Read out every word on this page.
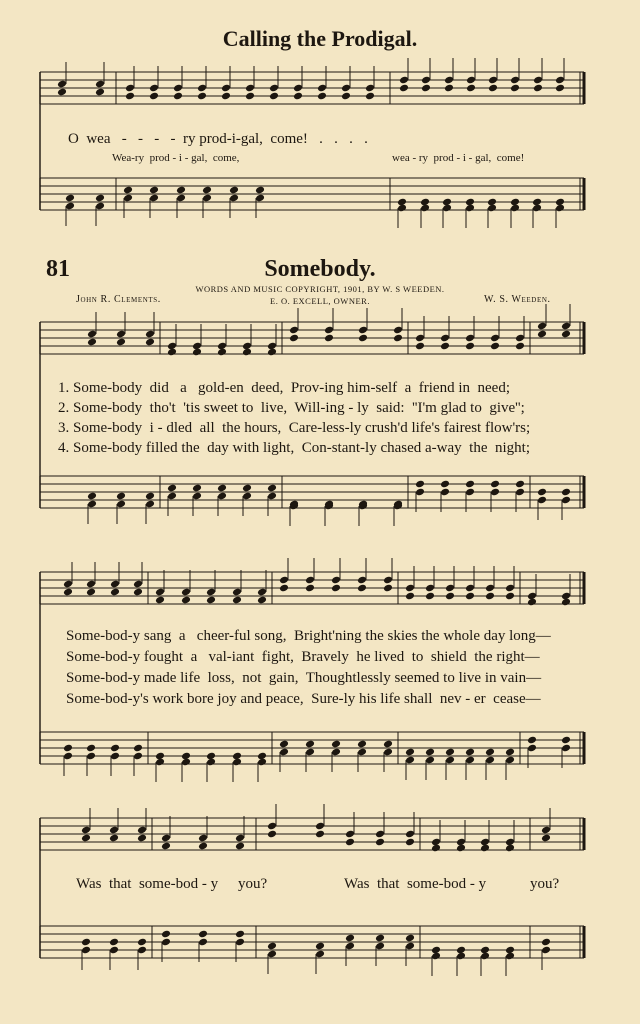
Calling the Prodigal.
O  wea   -   -   -   -  ry prod-i-gal,  come!   .   .   .   .
Wea-ry  prod - i - gal,  come,	wea - ry  prod - i - gal,  come!
81	Somebody.
WORDS AND MUSIC COPYRIGHT, 1901, BY W. S WEEDEN.
E. O. EXCELL, OWNER.
John R. Clements.	W. S. Weeden.
1. Some-body  did   a   gold-en  deed,  Prov-ing him-self  a  friend in  need;
2. Some-body  tho't  'tis sweet to  live,  Will-ing - ly  said:  ''I'm glad to  give'';
3. Some-body  i - dled  all  the hours,  Care-less-ly crush'd life's fairest flow'rs;
4. Some-body filled the  day with light,  Con-stant-ly chased a-way  the  night;
Some-bod-y sang  a   cheer-ful song,  Bright'ning the skies the whole day long—
Some-bod-y fought  a   val-iant  fight,  Bravely  he lived  to  shield  the right—
Some-bod-y made life  loss,  not  gain,  Thoughtlessly seemed to live in vain—
Some-bod-y's work bore joy and peace,  Sure-ly his life shall  nev - er  cease—
Was  that  some-bod - y you?	Was  that  some-bod - y	you?
